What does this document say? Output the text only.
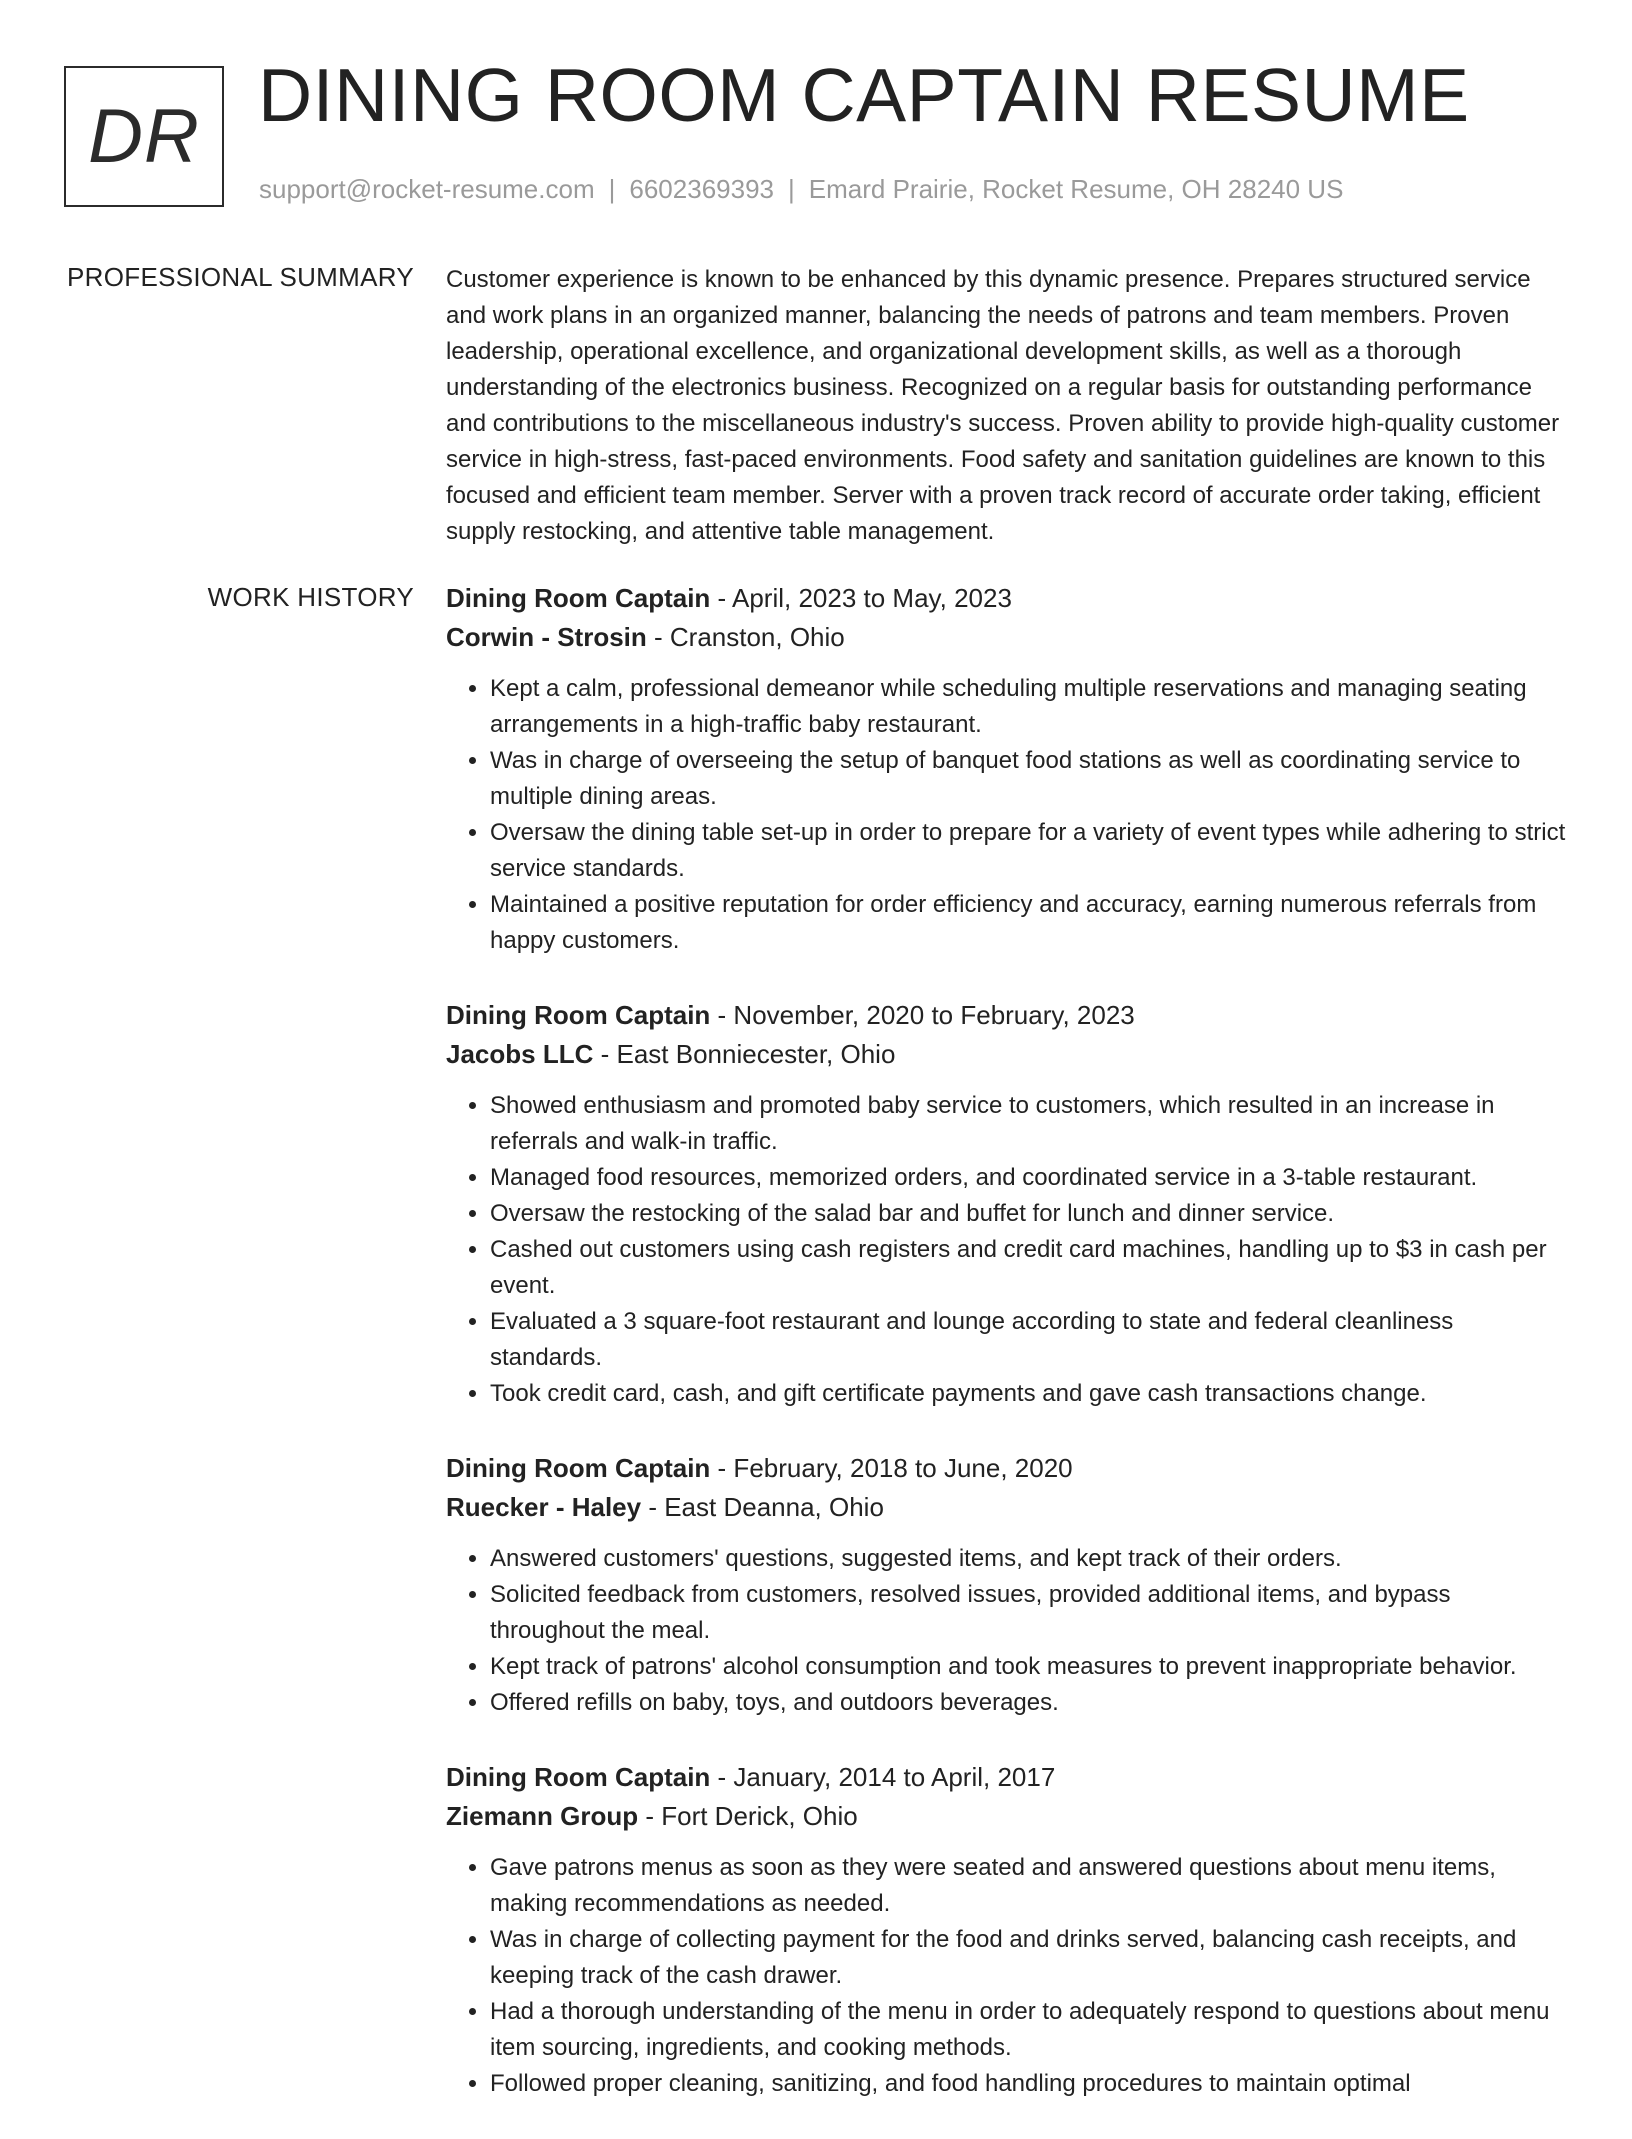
DR DINING ROOM CAPTAIN RESUME
support@rocket-resume.com | 6602369393 | Emard Prairie, Rocket Resume, OH 28240 US
PROFESSIONAL SUMMARY Customer experience is known to be enhanced by this dynamic presence. Prepares structured service and work plans in an organized manner, balancing the needs of patrons and team members. Proven leadership, operational excellence, and organizational development skills, as well as a thorough understanding of the electronics business. Recognized on a regular basis for outstanding performance and contributions to the miscellaneous industry's success. Proven ability to provide high-quality customer service in high-stress, fast-paced environments. Food safety and sanitation guidelines are known to this focused and efficient team member. Server with a proven track record of accurate order taking, efficient supply restocking, and attentive table management.

WORK HISTORY Dining Room Captain - April, 2023 to May, 2023
Corwin - Strosin - Cranston, Ohio
• Kept a calm, professional demeanor while scheduling multiple reservations and managing seating arrangements in a high-traffic baby restaurant.
• Was in charge of overseeing the setup of banquet food stations as well as coordinating service to multiple dining areas.
• Oversaw the dining table set-up in order to prepare for a variety of event types while adhering to strict service standards.
• Maintained a positive reputation for order efficiency and accuracy, earning numerous referrals from happy customers.
Dining Room Captain - November, 2020 to February, 2023
Jacobs LLC - East Bonniecester, Ohio
• Showed enthusiasm and promoted baby service to customers, which resulted in an increase in referrals and walk-in traffic.
• Managed food resources, memorized orders, and coordinated service in a 3-table restaurant.
• Oversaw the restocking of the salad bar and buffet for lunch and dinner service.
• Cashed out customers using cash registers and credit card machines, handling up to $3 in cash per event.
• Evaluated a 3 square-foot restaurant and lounge according to state and federal cleanliness standards.
• Took credit card, cash, and gift certificate payments and gave cash transactions change.
Dining Room Captain - February, 2018 to June, 2020
Ruecker - Haley - East Deanna, Ohio
• Answered customers' questions, suggested items, and kept track of their orders.
• Solicited feedback from customers, resolved issues, provided additional items, and bypass throughout the meal.
• Kept track of patrons' alcohol consumption and took measures to prevent inappropriate behavior.
• Offered refills on baby, toys, and outdoors beverages.
Dining Room Captain - January, 2014 to April, 2017
Ziemann Group - Fort Derick, Ohio
• Gave patrons menus as soon as they were seated and answered questions about menu items, making recommendations as needed.
• Was in charge of collecting payment for the food and drinks served, balancing cash receipts, and keeping track of the cash drawer.
• Had a thorough understanding of the menu in order to adequately respond to questions about menu item sourcing, ingredients, and cooking methods.
• Followed proper cleaning, sanitizing, and food handling procedures to maintain optimal
